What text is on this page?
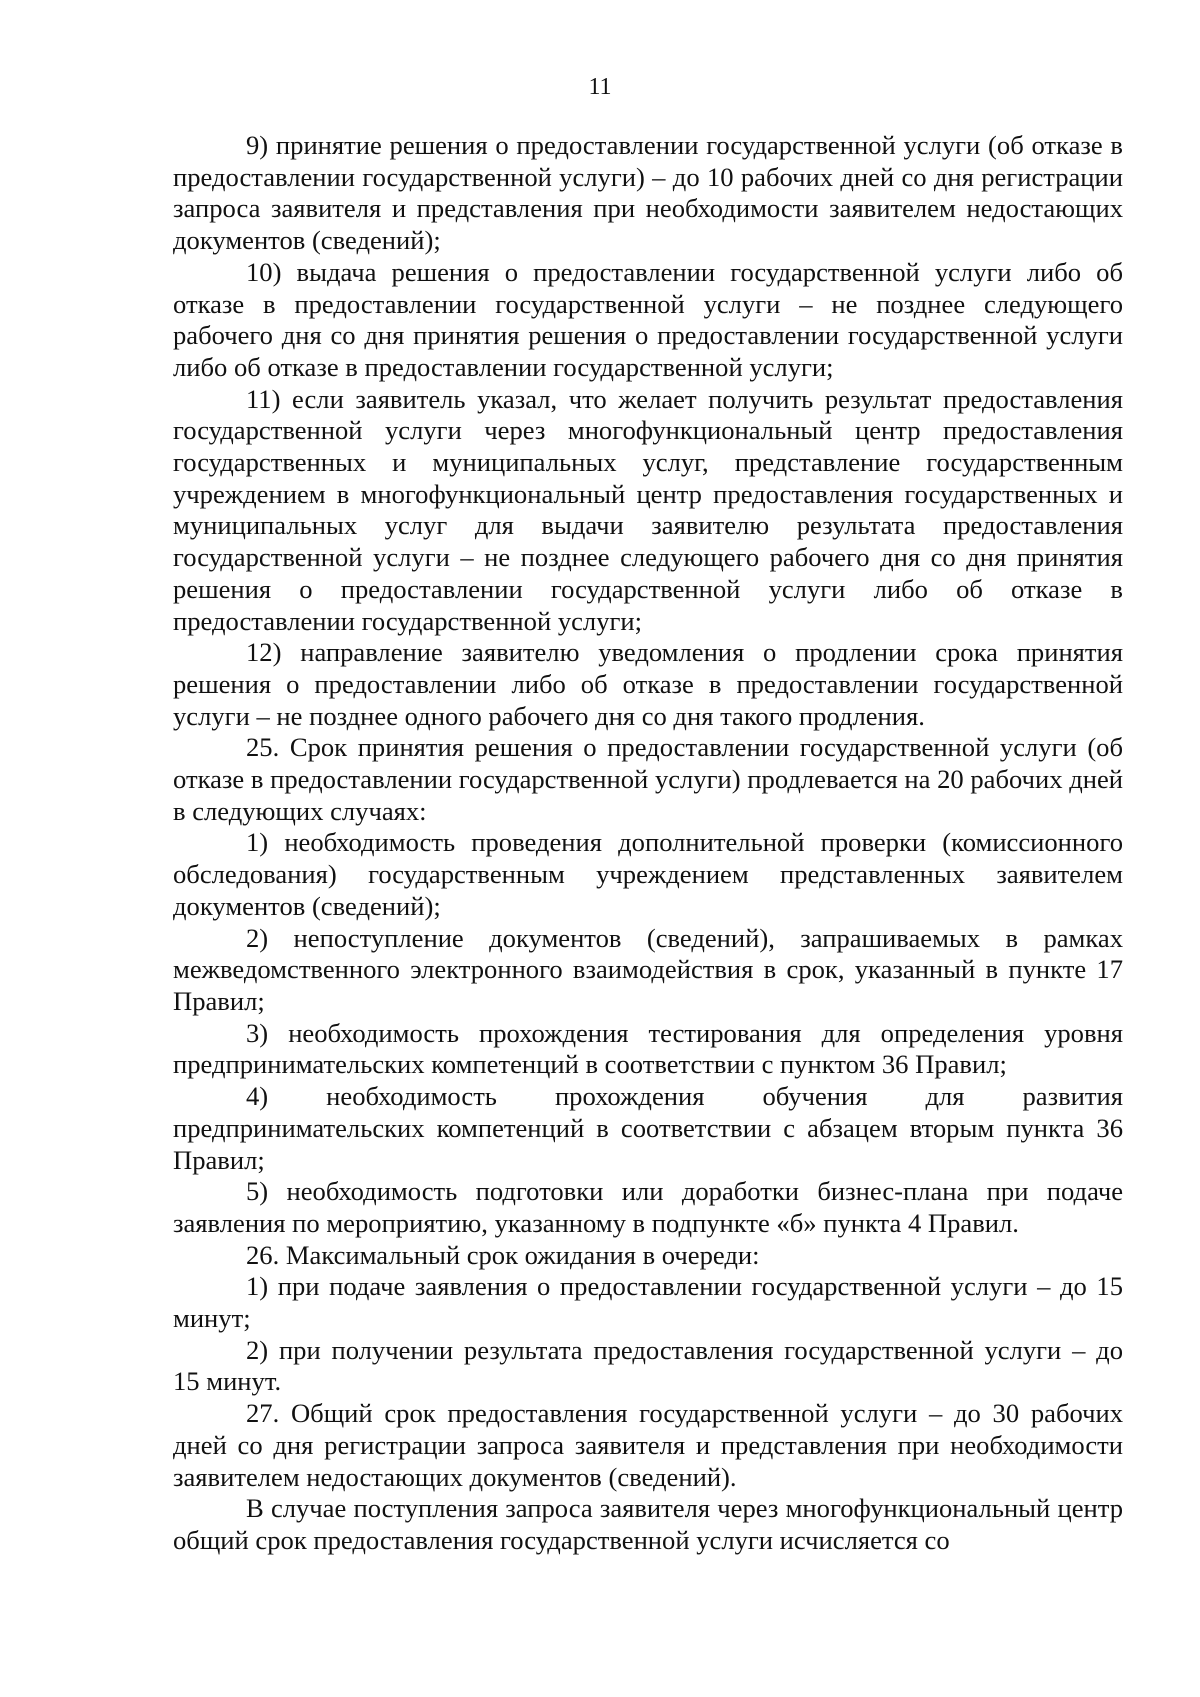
11

9) принятие решения о предоставлении государственной услуги (об отказе в предоставлении государственной услуги) – до 10 рабочих дней со дня регистрации запроса заявителя и представления при необходимости заявителем недостающих документов (сведений);

10) выдача решения о предоставлении государственной услуги либо об отказе в предоставлении государственной услуги – не позднее следующего рабочего дня со дня принятия решения о предоставлении государственной услуги либо об отказе в предоставлении государственной услуги;

11) если заявитель указал, что желает получить результат предоставления государственной услуги через многофункциональный центр предоставления государственных и муниципальных услуг, представление государственным учреждением в многофункциональный центр предоставления государственных и муниципальных услуг для выдачи заявителю результата предоставления государственной услуги – не позднее следующего рабочего дня со дня принятия решения о предоставлении государственной услуги либо об отказе в предоставлении государственной услуги;

12) направление заявителю уведомления о продлении срока принятия решения о предоставлении либо об отказе в предоставлении государственной услуги – не позднее одного рабочего дня со дня такого продления.

25. Срок принятия решения о предоставлении государственной услуги (об отказе в предоставлении государственной услуги) продлевается на 20 рабочих дней в следующих случаях:

1) необходимость проведения дополнительной проверки (комиссионного обследования) государственным учреждением представленных заявителем документов (сведений);

2) непоступление документов (сведений), запрашиваемых в рамках межведомственного электронного взаимодействия в срок, указанный в пункте 17 Правил;

3) необходимость прохождения тестирования для определения уровня предпринимательских компетенций в соответствии с пунктом 36 Правил;

4) необходимость прохождения обучения для развития предпринимательских компетенций в соответствии с абзацем вторым пункта 36 Правил;

5) необходимость подготовки или доработки бизнес-плана при подаче заявления по мероприятию, указанному в подпункте «б» пункта 4 Правил.

26. Максимальный срок ожидания в очереди:

1) при подаче заявления о предоставлении государственной услуги – до 15 минут;

2) при получении результата предоставления государственной услуги – до 15 минут.

27. Общий срок предоставления государственной услуги – до 30 рабочих дней со дня регистрации запроса заявителя и представления при необходимости заявителем недостающих документов (сведений).

В случае поступления запроса заявителя через многофункциональный центр общий срок предоставления государственной услуги исчисляется со
